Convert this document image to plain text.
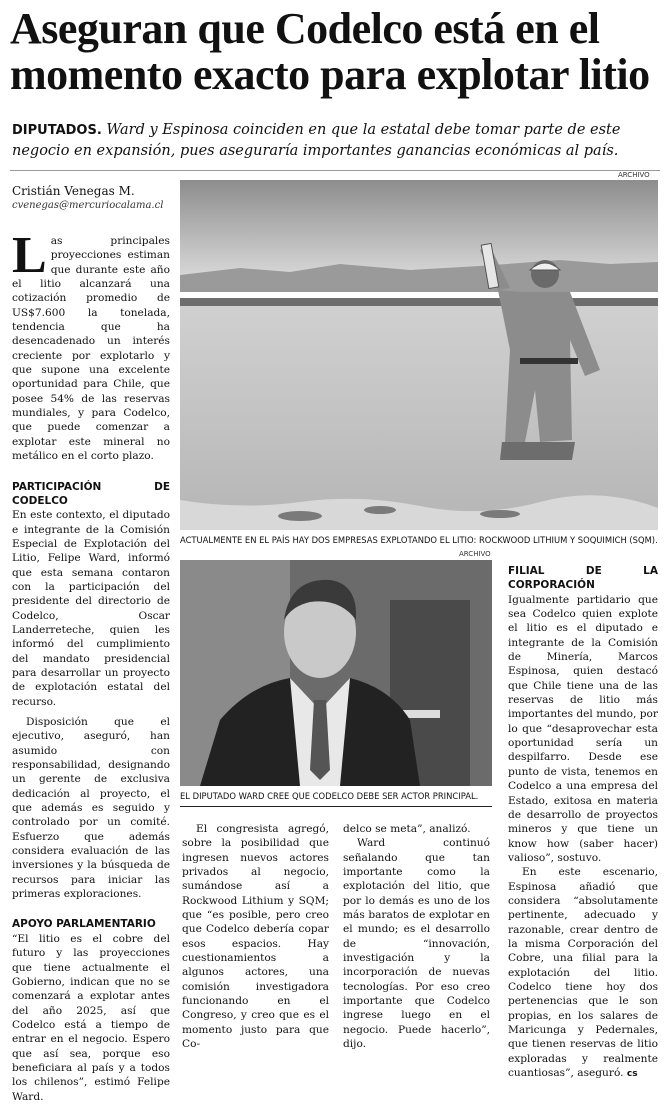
Aseguran que Codelco está en el momento exacto para explotar litio
DIPUTADOS. Ward y Espinosa coinciden en que la estatal debe tomar parte de este negocio en expansión, pues aseguraría importantes ganancias económicas al país.
Cristián Venegas M.
cvenegas@mercuriocalama.cl

Las principales proyecciones estiman que durante este año el litio alcanzará una cotización promedio de US$7.600 la tonelada, tendencia que ha desencadenado un interés creciente por explotarlo y que supone una excelente oportunidad para Chile, que posee 54% de las reservas mundiales, y para Codelco, que puede comenzar a explotar este mineral no metálico en el corto plazo.

PARTICIPACIÓN DE CODELCO

En este contexto, el diputado e integrante de la Comisión Especial de Explotación del Litio, Felipe Ward, informó que esta semana contaron con la participación del presidente del directorio de Codelco, Oscar Landerreteche, quien les informó del cumplimiento del mandato presidencial para desarrollar un proyecto de explotación estatal del recurso.

Disposición que el ejecutivo, aseguró, han asumido con responsabilidad, designando un gerente de exclusiva dedicación al proyecto, el que además es seguido y controlado por un comité. Esfuerzo que además considera evaluación de las inversiones y la búsqueda de recursos para iniciar las primeras exploraciones.

APOYO PARLAMENTARIO

“El litio es el cobre del futuro y las proyecciones que tiene actualmente el Gobierno, indican que no se comenzará a explotar antes del año 2025, así que Codelco está a tiempo de entrar en el negocio. Espero que así sea, porque eso beneficiara al país y a todos los chilenos”, estimó Felipe Ward.

ARCHIVO
ACTUALMENTE EN EL PAÍS HAY DOS EMPRESAS EXPLOTANDO EL LITIO: ROCKWOOD LITHIUM Y SOQUIMICH (SQM).
ARCHIVO
EL DIPUTADO WARD CREE QUE CODELCO DEBE SER ACTOR PRINCIPAL.

El congresista agregó, sobre la posibilidad que ingresen nuevos actores privados al negocio, sumándose así a Rockwood Lithium y SQM; que “es posible, pero creo que Codelco debería copar esos espacios. Hay cuestionamientos a algunos actores, una comisión investigadora funcionando en el Congreso, y creo que es el momento justo para que Co-

delco se meta”, analizó.

Ward continuó señalando que tan importante como la explotación del litio, que por lo demás es uno de los más baratos de explotar en el mundo; es el desarrollo de “innovación, investigación y la incorporación de nuevas tecnologías. Por eso creo importante que Codelco ingrese luego en el negocio. Puede hacerlo”, dijo.

FILIAL DE LA CORPORACIÓN

Igualmente partidario que sea Codelco quien explote el litio es el diputado e integrante de la Comisión de Minería, Marcos Espinosa, quien destacó que Chile tiene una de las reservas de litio más importantes del mundo, por lo que “desaprovechar esta oportunidad sería un despilfarro. Desde ese punto de vista, tenemos en Codelco a una empresa del Estado, exitosa en materia de desarrollo de proyectos mineros y que tiene un know how (saber hacer) valioso”, sostuvo.

En este escenario, Espinosa añadió que considera “absolutamente pertinente, adecuado y razonable, crear dentro de la misma Corporación del Cobre, una filial para la explotación del litio. Codelco tiene hoy dos pertenencias que le son propias, en los salares de Maricunga y Pedernales, que tienen reservas de litio exploradas y realmente cuantiosas”, aseguró. cs
